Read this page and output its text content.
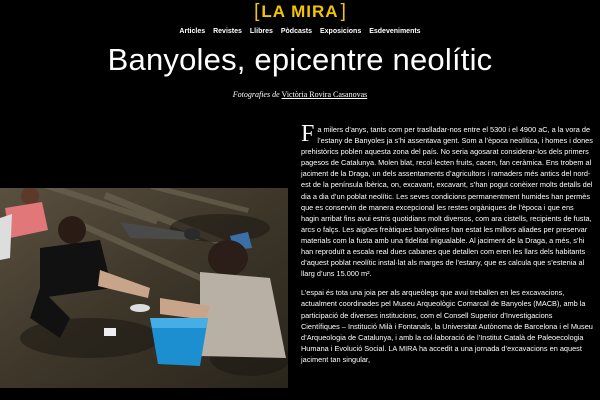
[ LA MIRA ]
Articles Revistes Llibres Pòdcasts Exposicions Esdeveniments
Banyoles, epicentre neolític
Fotografies de Victòria Rovira Casanovas

Fa milers d’anys, tants com per traslladar-nos entre el 5300 i el 4900 aC, a la vora de l’estany de Banyoles ja s’hi assentava gent. Som a l’època neolítica, i homes i dones prehistòrics poblen aquesta zona del país. No seria agosarat considerar-los dels primers pagesos de Catalunya. Molen blat, recol·lecten fruits, cacen, fan ceràmica. Ens trobem al jaciment de la Draga, un dels assentaments d’agricultors i ramaders més antics del nord-est de la península Ibèrica, on, excavant, excavant, s’han pogut conèixer molts detalls del dia a dia d’un poblat neolític. Les seves condicions permanentment humides han permès que es conservin de manera excepcional les restes orgàniques de l’època i que ens hagin arribat fins avui estris quotidians molt diversos, com ara cistells, recipients de fusta, arcs o falçs. Les aigües freàtiques banyolines han estat les millors aliades per preservar materials com la fusta amb una fidelitat inigualable. Al jaciment de la Draga, a més, s’hi han reproduït a escala real dues cabanes que detallen com eren les llars dels habitants d’aquest poblat neolític instal·lat als marges de l’estany, que es calcula que s’estenia al llarg d’uns 15.000 m².

L’espai és tota una joia per als arqueòlegs que avui treballen en les excavacions, actualment coordinades pel Museu Arqueològic Comarcal de Banyoles (MACB), amb la participació de diverses institucions, com el Consell Superior d’Investigacions Científiques – Institució Milà i Fontanals, la Universitat Autònoma de Barcelona i el Museu d’Arqueologia de Catalunya, i amb la col·laboració de l’Institut Català de Paleoecologia Humana i Evolució Social. LA MIRA ha accedit a una jornada d’excavacions en aquest jaciment tan singular,
